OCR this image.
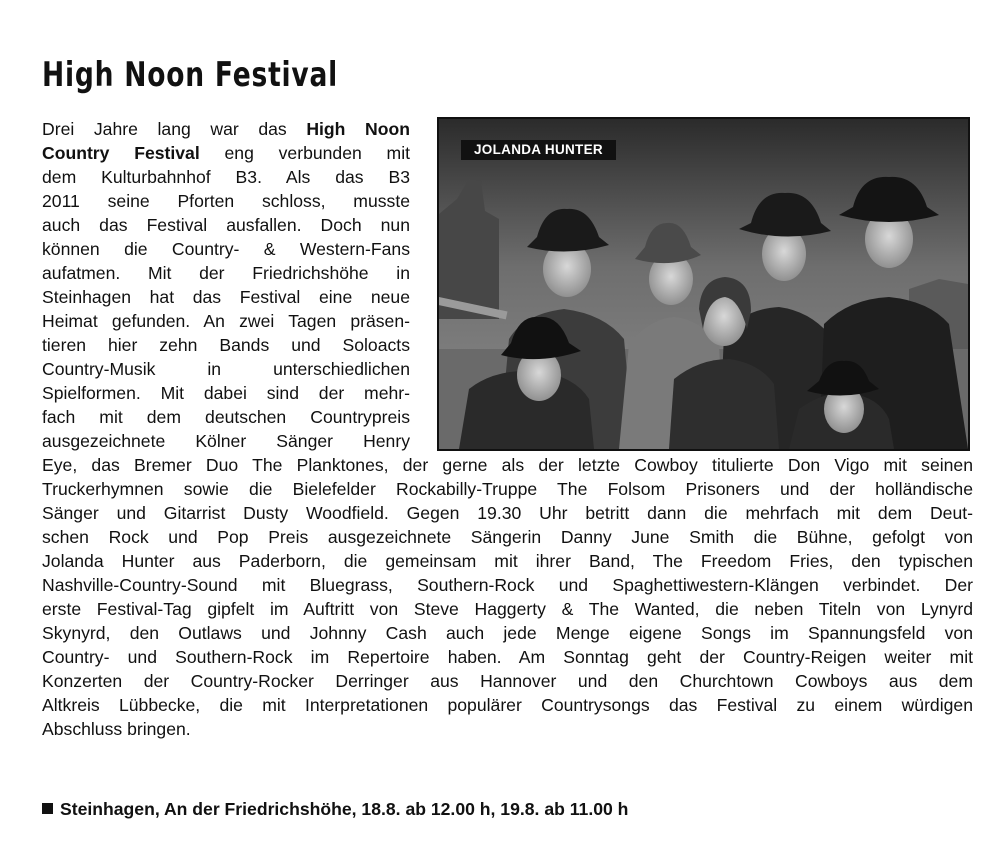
High Noon Festival
Drei Jahre lang war das High Noon
Country Festival eng verbunden mit
dem Kulturbahnhof B3. Als das B3
2011 seine Pforten schloss, musste
auch das Festival ausfallen. Doch nun
können die Country- & Western-Fans
aufatmen. Mit der Friedrichshöhe in
Steinhagen hat das Festival eine neue
Heimat gefunden. An zwei Tagen präsen-
tieren hier zehn Bands und Soloacts
Country-Musik in unterschiedlichen
Spielformen. Mit dabei sind der mehr-
fach mit dem deutschen Countrypreis
ausgezeichnete Kölner Sänger Henry
Eye, das Bremer Duo The Planktones, der gerne als der letzte Cowboy titulierte Don Vigo mit seinen
Truckerhymnen sowie die Bielefelder Rockabilly-Truppe The Folsom Prisoners und der holländische
Sänger und Gitarrist Dusty Woodfield. Gegen 19.30 Uhr betritt dann die mehrfach mit dem Deut-
schen Rock und Pop Preis ausgezeichnete Sängerin Danny June Smith die Bühne, gefolgt von
Jolanda Hunter aus Paderborn, die gemeinsam mit ihrer Band, The Freedom Fries, den typischen
Nashville-Country-Sound mit Bluegrass, Southern-Rock und Spaghettiwestern-Klängen verbindet. Der
erste Festival-Tag gipfelt im Auftritt von Steve Haggerty & The Wanted, die neben Titeln von Lynyrd
Skynyrd, den Outlaws und Johnny Cash auch jede Menge eigene Songs im Spannungsfeld von
Country- und Southern-Rock im Repertoire haben. Am Sonntag geht der Country-Reigen weiter mit
Konzerten der Country-Rocker Derringer aus Hannover und den Churchtown Cowboys aus dem
Altkreis Lübbecke, die mit Interpretationen populärer Countrysongs das Festival zu einem würdigen
Abschluss bringen.
JOLANDA HUNTER
Steinhagen, An der Friedrichshöhe, 18.8. ab 12.00 h, 19.8. ab 11.00 h
